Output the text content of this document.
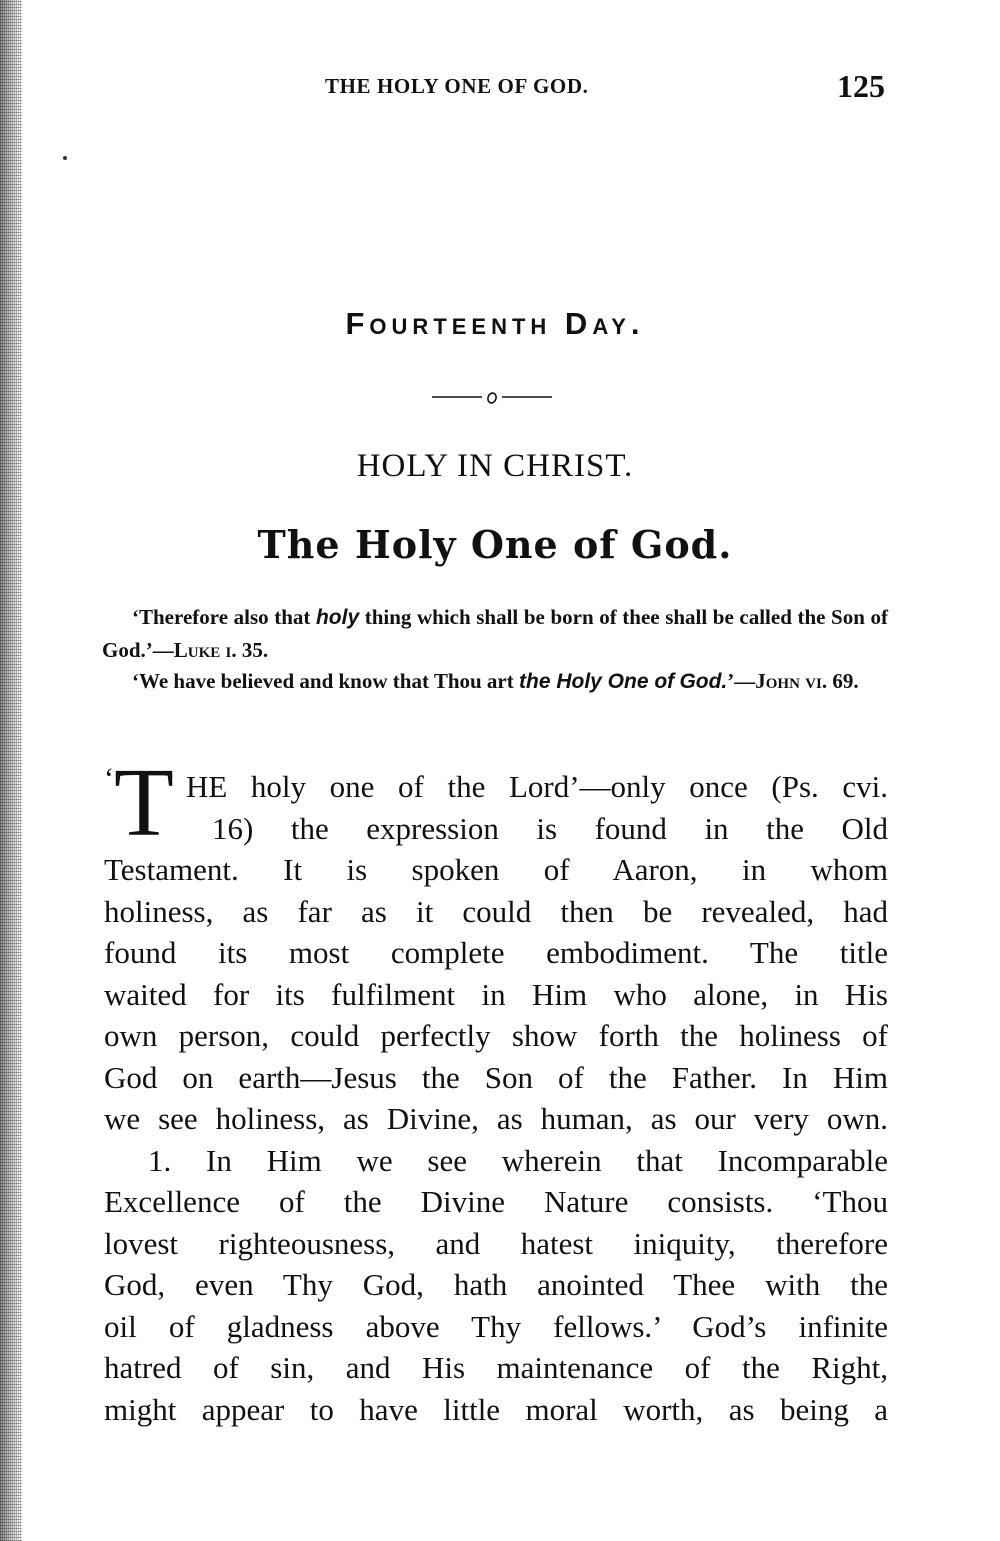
THE HOLY ONE OF GOD.	125
Fourteenth Day.
HOLY IN CHRIST.
The Holy One of God.
‘Therefore also that holy thing which shall be born of thee shall be called the Son of God.’—Luke i. 35.
‘We have believed and know that Thou art the Holy One of God.’—John vi. 69.
‘ T HE holy one of the Lord’—only once (Ps. cvi.
16) the expression is found in the Old
Testament. It is spoken of Aaron, in whom
holiness, as far as it could then be revealed, had
found its most complete embodiment. The title
waited for its fulfilment in Him who alone, in His
own person, could perfectly show forth the holiness of
God on earth—Jesus the Son of the Father. In Him
we see holiness, as Divine, as human, as our very own.
1. In Him we see wherein that Incomparable
Excellence of the Divine Nature consists. ‘Thou
lovest righteousness, and hatest iniquity, therefore
God, even Thy God, hath anointed Thee with the
oil of gladness above Thy fellows.’ God’s infinite
hatred of sin, and His maintenance of the Right,
might appear to have little moral worth, as being a
